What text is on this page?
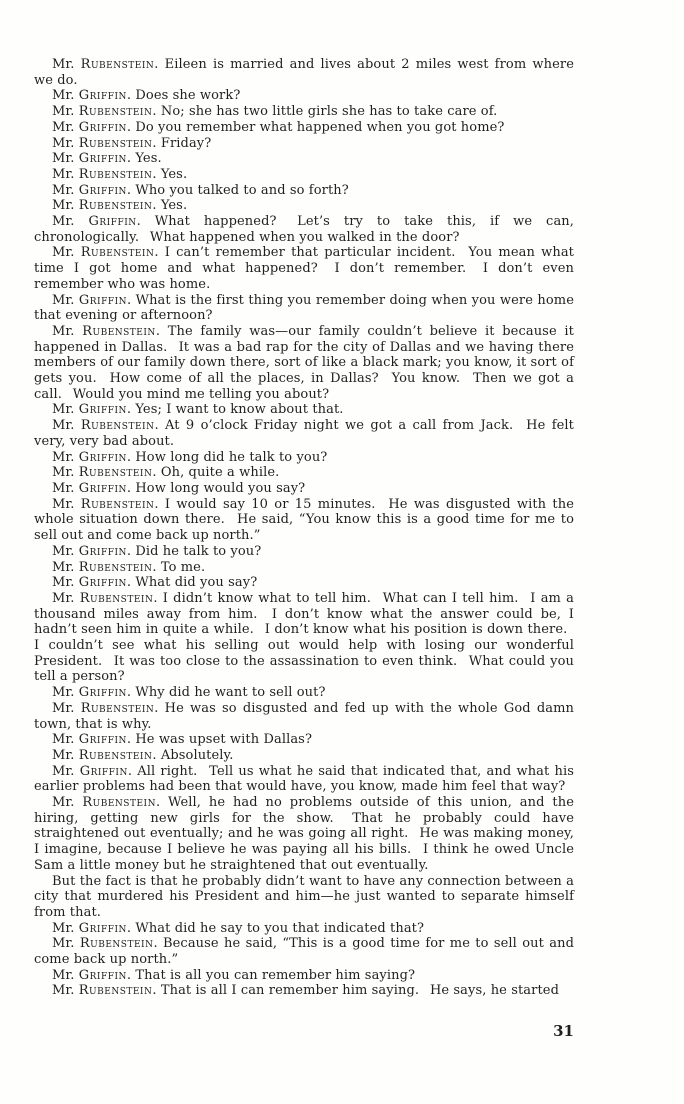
Mr. Rubenstein. Eileen is married and lives about 2 miles west from where we do.

Mr. Griffin. Does she work?

Mr. Rubenstein. No; she has two little girls she has to take care of.

Mr. Griffin. Do you remember what happened when you got home?

Mr. Rubenstein. Friday?

Mr. Griffin. Yes.

Mr. Rubenstein. Yes.

Mr. Griffin. Who you talked to and so forth?

Mr. Rubenstein. Yes.

Mr. Griffin. What happened?  Let’s try to take this, if we can, chronologically.  What happened when you walked in the door?

Mr. Rubenstein. I can’t remember that particular incident.  You mean what time I got home and what happened?  I don’t remember.  I don’t even remember who was home.

Mr. Griffin. What is the first thing you remember doing when you were home that evening or afternoon?

Mr. Rubenstein. The family was—our family couldn’t believe it because it happened in Dallas.  It was a bad rap for the city of Dallas and we having there members of our family down there, sort of like a black mark; you know, it sort of gets you.  How come of all the places, in Dallas?  You know.  Then we got a call.  Would you mind me telling you about?

Mr. Griffin. Yes; I want to know about that.

Mr. Rubenstein. At 9 o’clock Friday night we got a call from Jack.  He felt very, very bad about.

Mr. Griffin. How long did he talk to you?

Mr. Rubenstein. Oh, quite a while.

Mr. Griffin. How long would you say?

Mr. Rubenstein. I would say 10 or 15 minutes.  He was disgusted with the whole situation down there.  He said, “You know this is a good time for me to sell out and come back up north.”

Mr. Griffin. Did he talk to you?

Mr. Rubenstein. To me.

Mr. Griffin. What did you say?

Mr. Rubenstein. I didn’t know what to tell him.  What can I tell him.  I am a thousand miles away from him.  I don’t know what the answer could be, I hadn’t seen him in quite a while.  I don’t know what his position is down there.  I couldn’t see what his selling out would help with losing our wonderful President.  It was too close to the assassination to even think.  What could you tell a person?

Mr. Griffin. Why did he want to sell out?

Mr. Rubenstein. He was so disgusted and fed up with the whole God damn town, that is why.

Mr. Griffin. He was upset with Dallas?

Mr. Rubenstein. Absolutely.

Mr. Griffin. All right.  Tell us what he said that indicated that, and what his earlier problems had been that would have, you know, made him feel that way?

Mr. Rubenstein. Well, he had no problems outside of this union, and the hiring, getting new girls for the show.  That he probably could have straightened out eventually; and he was going all right.  He was making money, I imagine, because I believe he was paying all his bills.  I think he owed Uncle Sam a little money but he straightened that out eventually.

But the fact is that he probably didn’t want to have any connection between a city that murdered his President and him—he just wanted to separate himself from that.

Mr. Griffin. What did he say to you that indicated that?

Mr. Rubenstein. Because he said, “This is a good time for me to sell out and come back up north.”

Mr. Griffin. That is all you can remember him saying?

Mr. Rubenstein. That is all I can remember him saying.  He says, he started

31
